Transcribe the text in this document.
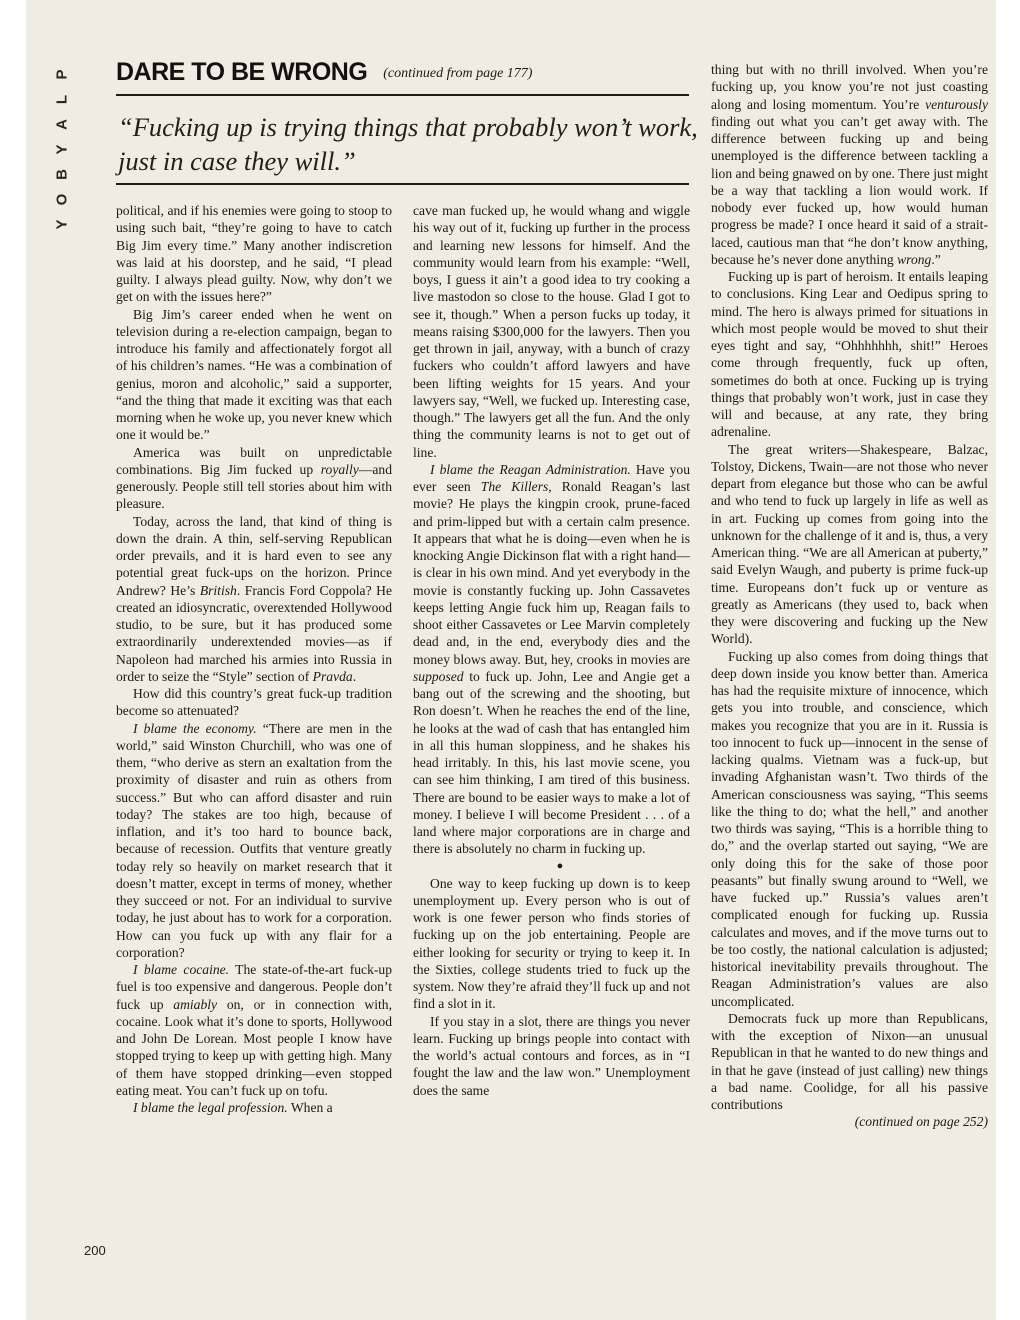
P
L
A
Y
B
O
Y
DARE TO BE WRONG (continued from page 177)
“Fucking up is trying things that probably won’t work, just in case they will.”

political, and if his enemies were going to stoop to using such bait, “they’re going to have to catch Big Jim every time.” Many another indiscretion was laid at his doorstep, and he said, “I plead guilty. I always plead guilty. Now, why don’t we get on with the issues here?”

Big Jim’s career ended when he went on television during a re-election campaign, began to introduce his family and affectionately forgot all of his children’s names. “He was a combination of genius, moron and alcoholic,” said a supporter, “and the thing that made it exciting was that each morning when he woke up, you never knew which one it would be.”

America was built on unpredictable combinations. Big Jim fucked up royally—and generously. People still tell stories about him with pleasure.

Today, across the land, that kind of thing is down the drain. A thin, self-serving Republican order prevails, and it is hard even to see any potential great fuck-ups on the horizon. Prince Andrew? He’s British. Francis Ford Coppola? He created an idiosyncratic, overextended Hollywood studio, to be sure, but it has produced some extraordinarily underextended movies—as if Napoleon had marched his armies into Russia in order to seize the “Style” section of Pravda.

How did this country’s great fuck-up tradition become so attenuated?

I blame the economy. “There are men in the world,” said Winston Churchill, who was one of them, “who derive as stern an exaltation from the proximity of disaster and ruin as others from success.” But who can afford disaster and ruin today? The stakes are too high, because of inflation, and it’s too hard to bounce back, because of recession. Outfits that venture greatly today rely so heavily on market research that it doesn’t matter, except in terms of money, whether they succeed or not. For an individual to survive today, he just about has to work for a corporation. How can you fuck up with any flair for a corporation?

I blame cocaine. The state-of-the-art fuck-up fuel is too expensive and dangerous. People don’t fuck up amiably on, or in connection with, cocaine. Look what it’s done to sports, Hollywood and John De Lorean. Most people I know have stopped trying to keep up with getting high. Many of them have stopped drinking—even stopped eating meat. You can’t fuck up on tofu.

I blame the legal profession. When a

cave man fucked up, he would whang and wiggle his way out of it, fucking up further in the process and learning new lessons for himself. And the community would learn from his example: “Well, boys, I guess it ain’t a good idea to try cooking a live mastodon so close to the house. Glad I got to see it, though.” When a person fucks up today, it means raising $300,000 for the lawyers. Then you get thrown in jail, anyway, with a bunch of crazy fuckers who couldn’t afford lawyers and have been lifting weights for 15 years. And your lawyers say, “Well, we fucked up. Interesting case, though.” The lawyers get all the fun. And the only thing the community learns is not to get out of line.

I blame the Reagan Administration. Have you ever seen The Killers, Ronald Reagan’s last movie? He plays the kingpin crook, prune-faced and prim-lipped but with a certain calm presence. It appears that what he is doing—even when he is knocking Angie Dickinson flat with a right hand—is clear in his own mind. And yet everybody in the movie is constantly fucking up. John Cassavetes keeps letting Angie fuck him up, Reagan fails to shoot either Cassavetes or Lee Marvin completely dead and, in the end, everybody dies and the money blows away. But, hey, crooks in movies are supposed to fuck up. John, Lee and Angie get a bang out of the screwing and the shooting, but Ron doesn’t. When he reaches the end of the line, he looks at the wad of cash that has entangled him in all this human sloppiness, and he shakes his head irritably. In this, his last movie scene, you can see him thinking, I am tired of this business. There are bound to be easier ways to make a lot of money. I believe I will become President . . . of a land where major corporations are in charge and there is absolutely no charm in fucking up.

●

One way to keep fucking up down is to keep unemployment up. Every person who is out of work is one fewer person who finds stories of fucking up on the job entertaining. People are either looking for security or trying to keep it. In the Sixties, college students tried to fuck up the system. Now they’re afraid they’ll fuck up and not find a slot in it.

If you stay in a slot, there are things you never learn. Fucking up brings people into contact with the world’s actual contours and forces, as in “I fought the law and the law won.” Unemployment does the same

thing but with no thrill involved. When you’re fucking up, you know you’re not just coasting along and losing momentum. You’re venturously finding out what you can’t get away with. The difference between fucking up and being unemployed is the difference between tackling a lion and being gnawed on by one. There just might be a way that tackling a lion would work. If nobody ever fucked up, how would human progress be made? I once heard it said of a strait-laced, cautious man that “he don’t know anything, because he’s never done anything wrong.”

Fucking up is part of heroism. It entails leaping to conclusions. King Lear and Oedipus spring to mind. The hero is always primed for situations in which most people would be moved to shut their eyes tight and say, “Ohhhhhhh, shit!” Heroes come through frequently, fuck up often, sometimes do both at once. Fucking up is trying things that probably won’t work, just in case they will and because, at any rate, they bring adrenaline.

The great writers—Shakespeare, Balzac, Tolstoy, Dickens, Twain—are not those who never depart from elegance but those who can be awful and who tend to fuck up largely in life as well as in art. Fucking up comes from going into the unknown for the challenge of it and is, thus, a very American thing. “We are all American at puberty,” said Evelyn Waugh, and puberty is prime fuck-up time. Europeans don’t fuck up or venture as greatly as Americans (they used to, back when they were discovering and fucking up the New World).

Fucking up also comes from doing things that deep down inside you know better than. America has had the requisite mixture of innocence, which gets you into trouble, and conscience, which makes you recognize that you are in it. Russia is too innocent to fuck up—innocent in the sense of lacking qualms. Vietnam was a fuck-up, but invading Afghanistan wasn’t. Two thirds of the American consciousness was saying, “This seems like the thing to do; what the hell,” and another two thirds was saying, “This is a horrible thing to do,” and the overlap started out saying, “We are only doing this for the sake of those poor peasants” but finally swung around to “Well, we have fucked up.” Russia’s values aren’t complicated enough for fucking up. Russia calculates and moves, and if the move turns out to be too costly, the national calculation is adjusted; historical inevitability prevails throughout. The Reagan Administration’s values are also uncomplicated.

Democrats fuck up more than Republicans, with the exception of Nixon—an unusual Republican in that he wanted to do new things and in that he gave (instead of just calling) new things a bad name. Coolidge, for all his passive contributions

(continued on page 252)

200
